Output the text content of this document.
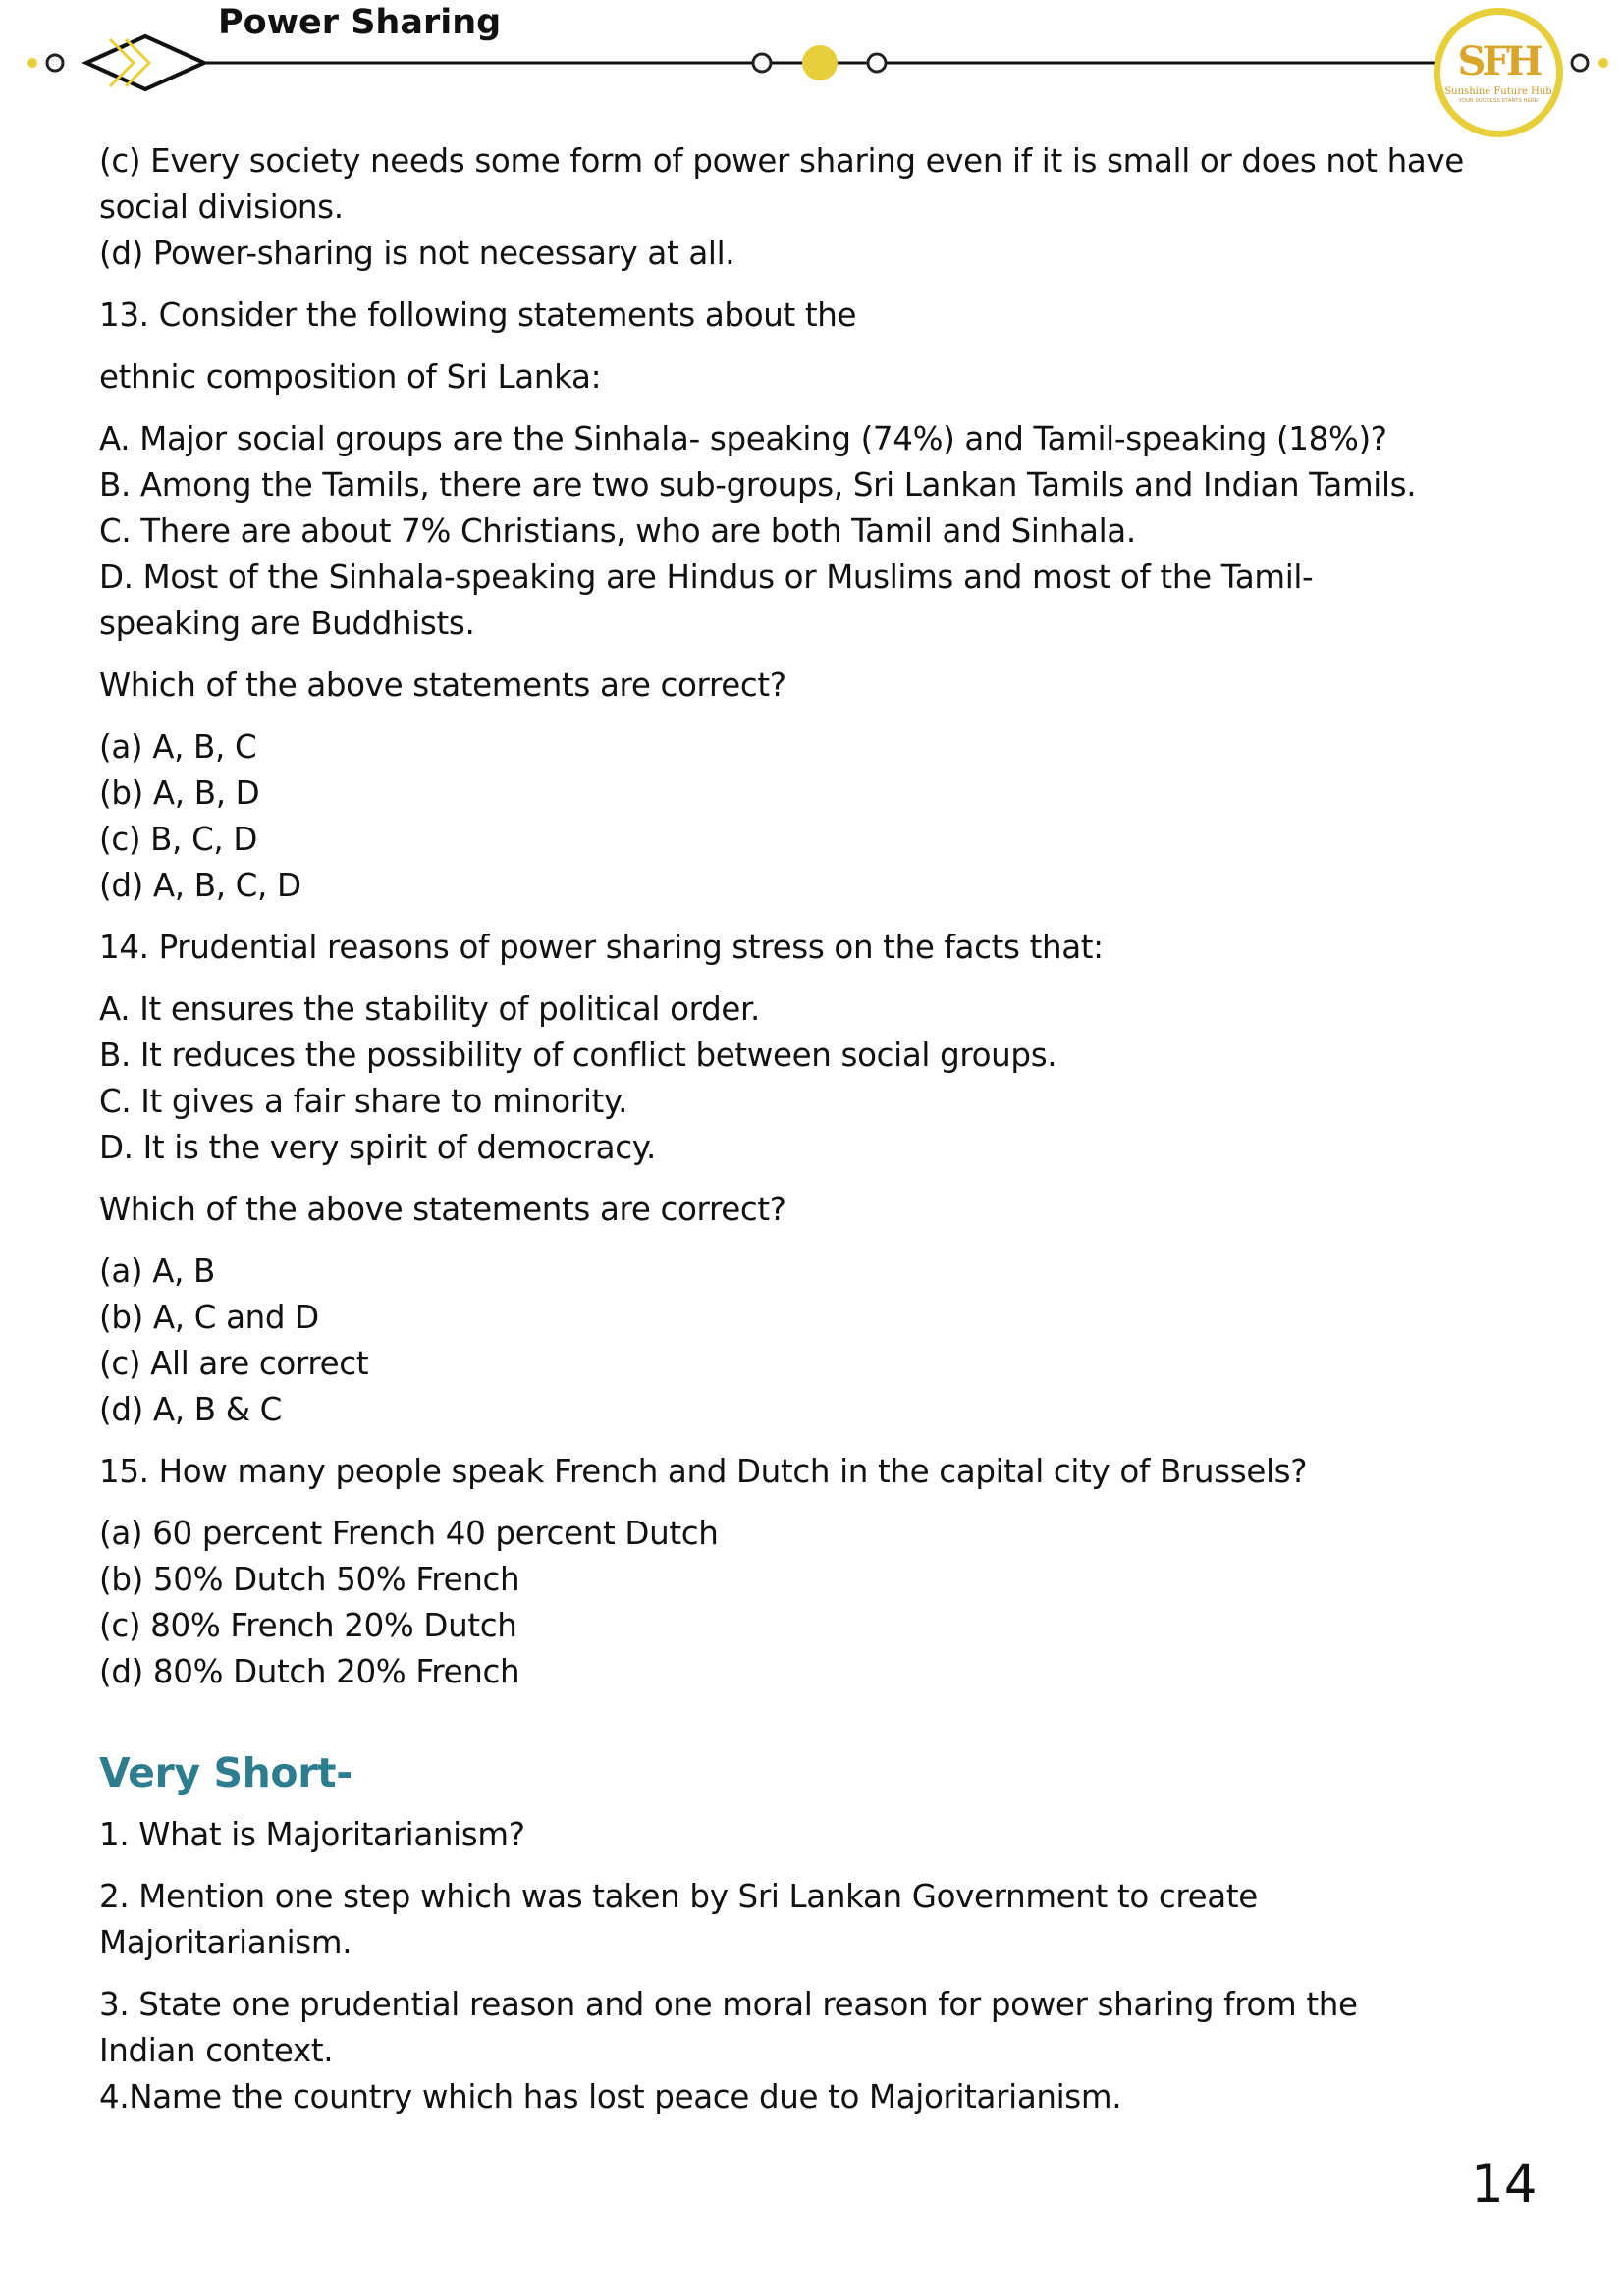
Power Sharing
SFH
Sunshine Future Hub
YOUR SUCCESS STARTS HERE

(c) Every society needs some form of power sharing even if it is small or does not have

social divisions.

(d) Power-sharing is not necessary at all.

13. Consider the following statements about the

ethnic composition of Sri Lanka:

A. Major social groups are the Sinhala- speaking (74%) and Tamil-speaking (18%)?

B. Among the Tamils, there are two sub-groups, Sri Lankan Tamils and Indian Tamils.

C. There are about 7% Christians, who are both Tamil and Sinhala.

D. Most of the Sinhala-speaking are Hindus or Muslims and most of the Tamil-

speaking are Buddhists.

Which of the above statements are correct?

(a) A, B, C

(b) A, B, D

(c) B, C, D

(d) A, B, C, D

14. Prudential reasons of power sharing stress on the facts that:

A. It ensures the stability of political order.

B. It reduces the possibility of conflict between social groups.

C. It gives a fair share to minority.

D. It is the very spirit of democracy.

Which of the above statements are correct?

(a) A, B

(b) A, C and D

(c) All are correct

(d) A, B & C

15. How many people speak French and Dutch in the capital city of Brussels?

(a) 60 percent French 40 percent Dutch

(b) 50% Dutch 50% French

(c) 80% French 20% Dutch

(d) 80% Dutch 20% French

Very Short-

1. What is Majoritarianism?

2. Mention one step which was taken by Sri Lankan Government to create

Majoritarianism.

3. State one prudential reason and one moral reason for power sharing from the

Indian context.

4.Name the country which has lost peace due to Majoritarianism.

14
